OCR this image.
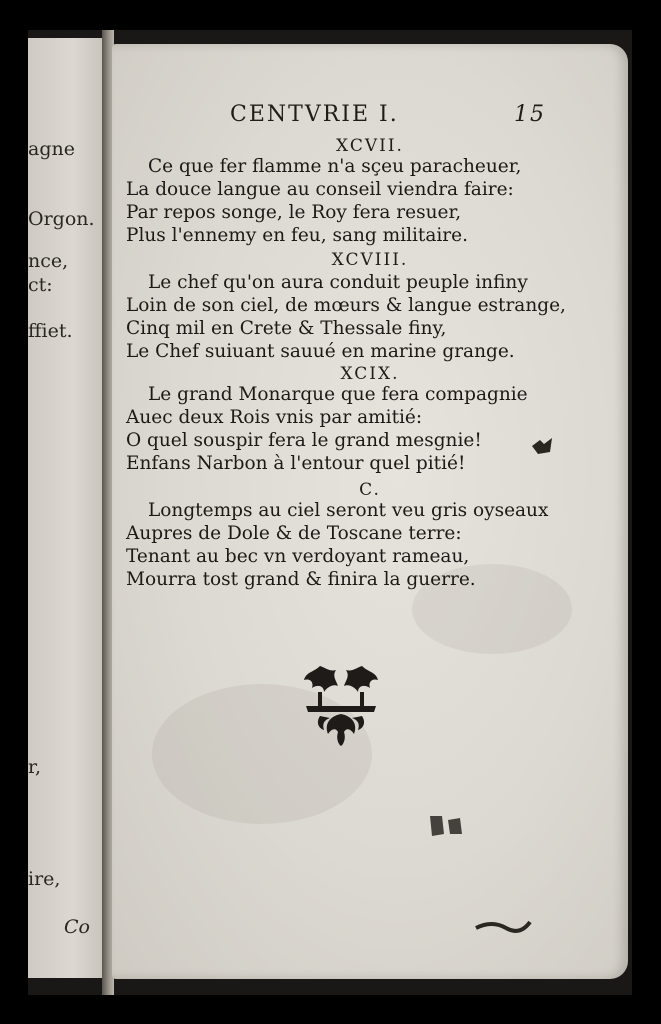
agne
Orgon.
nce,
ct:
ffiet.
r,
ire,
Co
CENTVRIE I.	15
XCVII.
Ce que fer flamme n'a sçeu paracheuer,
La douce langue au conseil viendra faire:
Par repos songe, le Roy fera resuer,
Plus l'ennemy en feu, sang militaire.
XCVIII.
Le chef qu'on aura conduit peuple infiny
Loin de son ciel, de mœurs & langue estrange,
Cinq mil en Crete & Thessale finy,
Le Chef suiuant sauué en marine grange.
XCIX.
Le grand Monarque que fera compagnie
Auec deux Rois vnis par amitié:
O quel souspir fera le grand mesgnie!
Enfans Narbon à l'entour quel pitié!
C.
Longtemps au ciel seront veu gris oyseaux
Aupres de Dole & de Toscane terre:
Tenant au bec vn verdoyant rameau,
Mourra tost grand & finira la guerre.
